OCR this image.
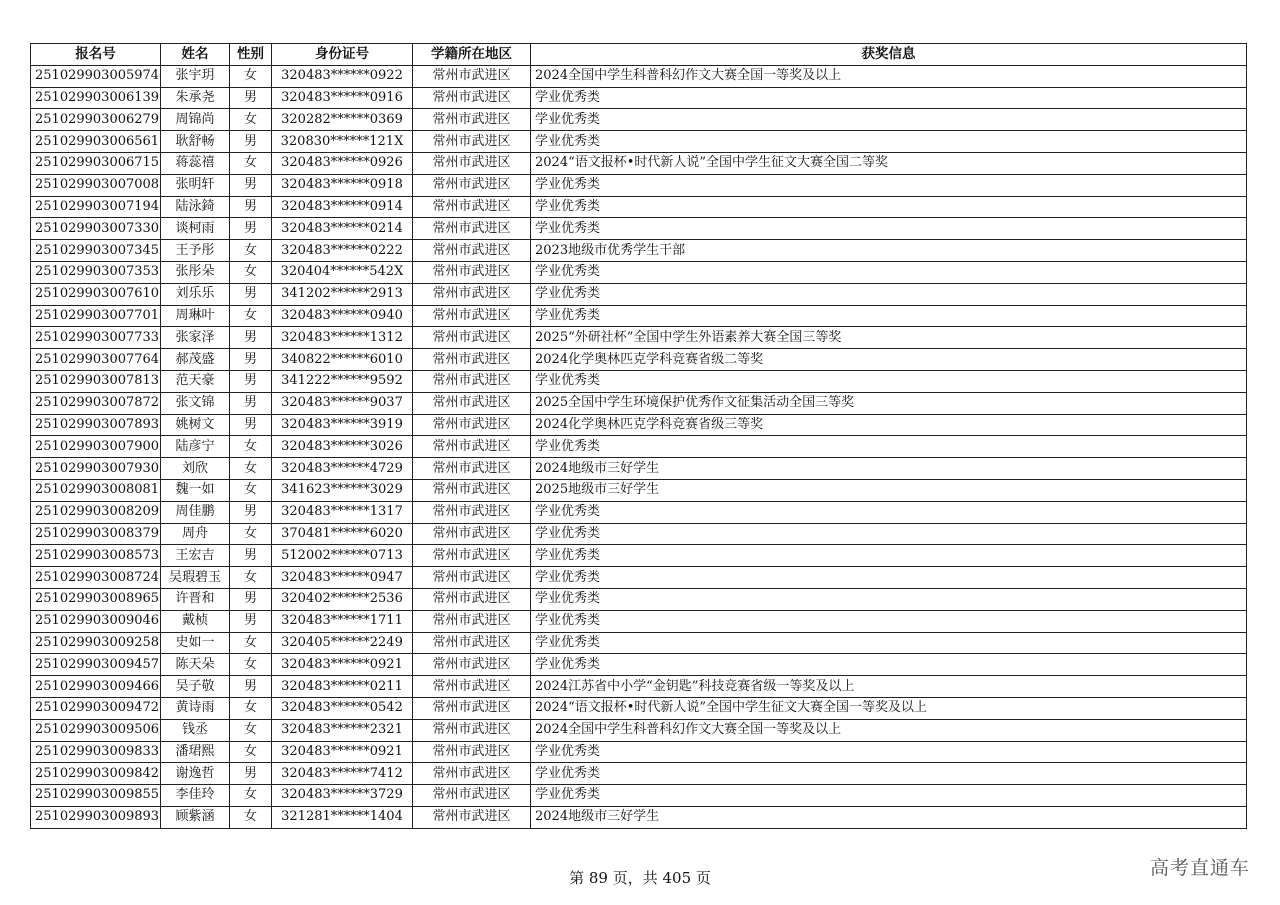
报名号	姓名	性别	身份证号	学籍所在地区	获奖信息
251029903005974	张宇玥	女	320483******0922	常州市武进区	2024全国中学生科普科幻作文大赛全国一等奖及以上
251029903006139	朱承尧	男	320483******0916	常州市武进区	学业优秀类
251029903006279	周锦尚	女	320282******0369	常州市武进区	学业优秀类
251029903006561	耿舒畅	男	320830******121X	常州市武进区	学业优秀类
251029903006715	蒋蕊禧	女	320483******0926	常州市武进区	2024“语文报杯•时代新人说”全国中学生征文大赛全国二等奖
251029903007008	张明轩	男	320483******0918	常州市武进区	学业优秀类
251029903007194	陆泳錡	男	320483******0914	常州市武进区	学业优秀类
251029903007330	谈柯雨	男	320483******0214	常州市武进区	学业优秀类
251029903007345	王予彤	女	320483******0222	常州市武进区	2023地级市优秀学生干部
251029903007353	张彤朵	女	320404******542X	常州市武进区	学业优秀类
251029903007610	刘乐乐	男	341202******2913	常州市武进区	学业优秀类
251029903007701	周琳叶	女	320483******0940	常州市武进区	学业优秀类
251029903007733	张家泽	男	320483******1312	常州市武进区	2025“外研社杯”全国中学生外语素养大赛全国三等奖
251029903007764	郝茂盛	男	340822******6010	常州市武进区	2024化学奥林匹克学科竞赛省级二等奖
251029903007813	范天豪	男	341222******9592	常州市武进区	学业优秀类
251029903007872	张文锦	男	320483******9037	常州市武进区	2025全国中学生环境保护优秀作文征集活动全国三等奖
251029903007893	姚树文	男	320483******3919	常州市武进区	2024化学奥林匹克学科竞赛省级三等奖
251029903007900	陆彦宁	女	320483******3026	常州市武进区	学业优秀类
251029903007930	刘欣	女	320483******4729	常州市武进区	2024地级市三好学生
251029903008081	魏一如	女	341623******3029	常州市武进区	2025地级市三好学生
251029903008209	周佳鹏	男	320483******1317	常州市武进区	学业优秀类
251029903008379	周舟	女	370481******6020	常州市武进区	学业优秀类
251029903008573	王宏吉	男	512002******0713	常州市武进区	学业优秀类
251029903008724	吴瑕碧玉	女	320483******0947	常州市武进区	学业优秀类
251029903008965	许晋和	男	320402******2536	常州市武进区	学业优秀类
251029903009046	戴桢	男	320483******1711	常州市武进区	学业优秀类
251029903009258	史如一	女	320405******2249	常州市武进区	学业优秀类
251029903009457	陈天朵	女	320483******0921	常州市武进区	学业优秀类
251029903009466	吴子敬	男	320483******0211	常州市武进区	2024江苏省中小学“金钥匙”科技竞赛省级一等奖及以上
251029903009472	黄诗雨	女	320483******0542	常州市武进区	2024“语文报杯•时代新人说”全国中学生征文大赛全国一等奖及以上
251029903009506	钱丞	女	320483******2321	常州市武进区	2024全国中学生科普科幻作文大赛全国一等奖及以上
251029903009833	潘珺熙	女	320483******0921	常州市武进区	学业优秀类
251029903009842	谢逸哲	男	320483******7412	常州市武进区	学业优秀类
251029903009855	李佳玲	女	320483******3729	常州市武进区	学业优秀类
251029903009893	顾紫涵	女	321281******1404	常州市武进区	2024地级市三好学生
第 89 页，共 405 页	高考直通车
